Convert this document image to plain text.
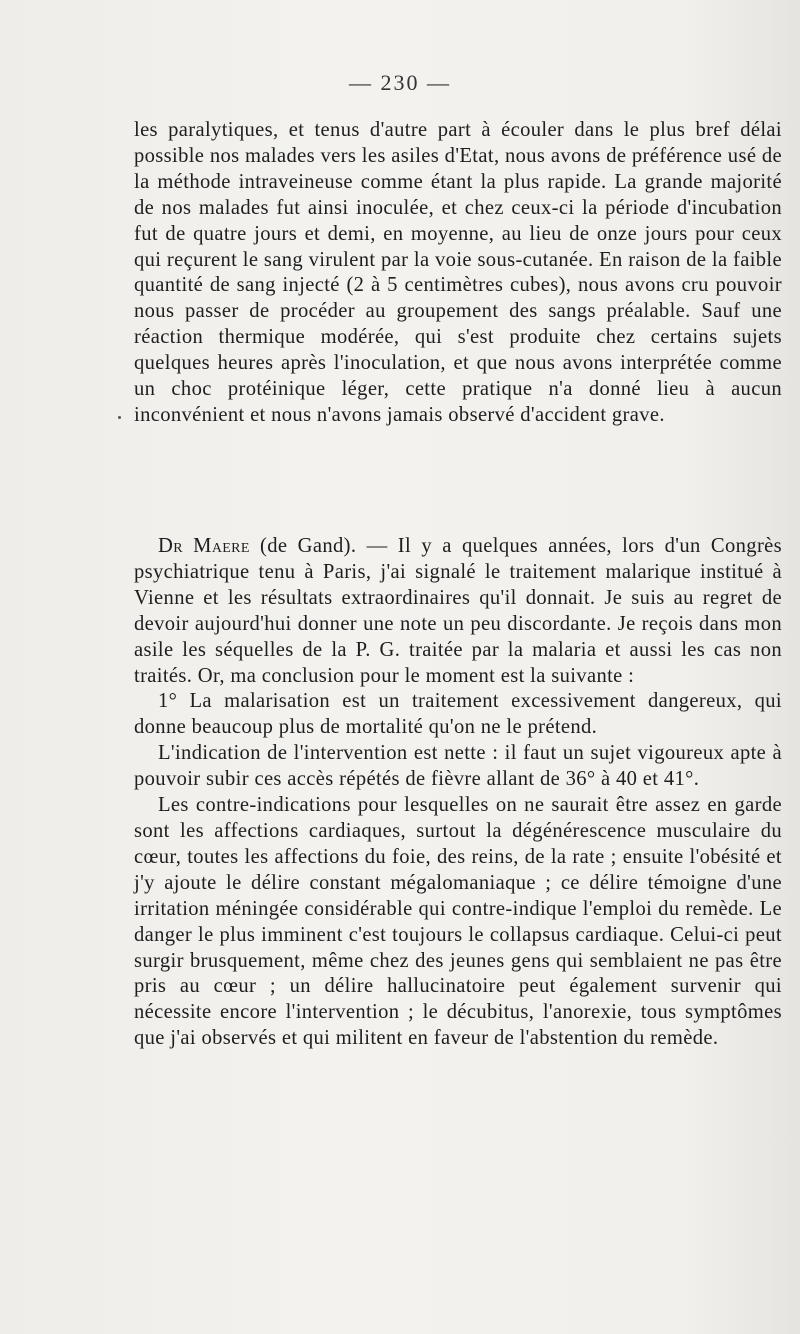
— 230 —

les paralytiques, et tenus d'autre part à écouler dans le plus bref délai possible nos malades vers les asiles d'Etat, nous avons de préférence usé de la méthode intraveineuse comme étant la plus rapide. La grande majorité de nos malades fut ainsi inoculée, et chez ceux-ci la période d'incubation fut de quatre jours et demi, en moyenne, au lieu de onze jours pour ceux qui reçurent le sang virulent par la voie sous-cutanée. En raison de la faible quantité de sang injecté (2 à 5 centimètres cubes), nous avons cru pouvoir nous passer de procéder au groupement des sangs préalable. Sauf une réaction thermique modérée, qui s'est produite chez certains sujets quelques heures après l'inoculation, et que nous avons interprétée comme un choc protéinique léger, cette pratique n'a donné lieu à aucun inconvénient et nous n'avons jamais observé d'accident grave.

Dr Maere (de Gand). — Il y a quelques années, lors d'un Congrès psychiatrique tenu à Paris, j'ai signalé le traitement malarique institué à Vienne et les résultats extraordinaires qu'il donnait. Je suis au regret de devoir aujourd'hui donner une note un peu discordante. Je reçois dans mon asile les séquelles de la P. G. traitée par la malaria et aussi les cas non traités. Or, ma conclusion pour le moment est la suivante :

1° La malarisation est un traitement excessivement dangereux, qui donne beaucoup plus de mortalité qu'on ne le prétend.

L'indication de l'intervention est nette : il faut un sujet vigoureux apte à pouvoir subir ces accès répétés de fièvre allant de 36° à 40 et 41°.

Les contre-indications pour lesquelles on ne saurait être assez en garde sont les affections cardiaques, surtout la dégénérescence musculaire du cœur, toutes les affections du foie, des reins, de la rate ; ensuite l'obésité et j'y ajoute le délire constant mégalomaniaque ; ce délire témoigne d'une irritation méningée considérable qui contre-indique l'emploi du remède. Le danger le plus imminent c'est toujours le collapsus cardiaque. Celui-ci peut surgir brusquement, même chez des jeunes gens qui semblaient ne pas être pris au cœur ; un délire hallucinatoire peut également survenir qui nécessite encore l'intervention ; le décubitus, l'anorexie, tous symptômes que j'ai observés et qui militent en faveur de l'abstention du remède.
